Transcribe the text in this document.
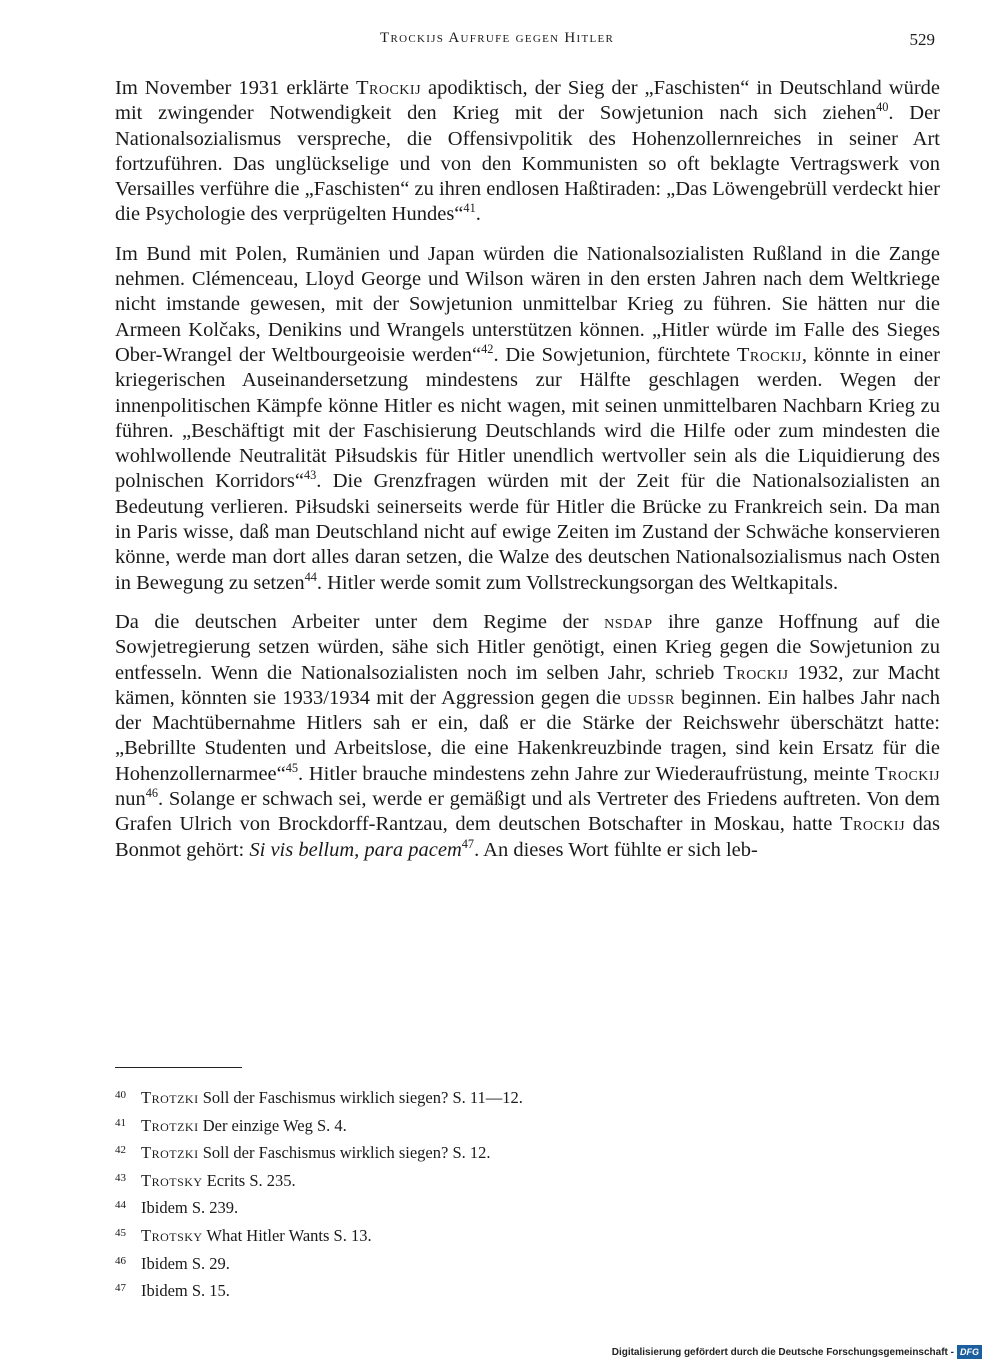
Trockijs Aufrufe gegen Hitler	529

Im November 1931 erklärte Trockij apodiktisch, der Sieg der „Faschisten“ in Deutschland würde mit zwingender Notwendigkeit den Krieg mit der Sowjetunion nach sich ziehen$^{40}$. Der Nationalsozialismus verspreche, die Offensivpolitik des Hohenzollernreiches in seiner Art fortzuführen. Das unglückselige und von den Kommunisten so oft beklagte Vertragswerk von Versailles verführe die „Faschisten“ zu ihren endlosen Haßtiraden: „Das Löwengebrüll verdeckt hier die Psychologie des verprügelten Hundes“$^{41}$.

Im Bund mit Polen, Rumänien und Japan würden die Nationalsozialisten Rußland in die Zange nehmen. Clémenceau, Lloyd George und Wilson wären in den ersten Jahren nach dem Weltkriege nicht imstande gewesen, mit der Sowjetunion unmittelbar Krieg zu führen. Sie hätten nur die Armeen Kolčaks, Denikins und Wrangels unterstützen können. „Hitler würde im Falle des Sieges Ober-Wrangel der Weltbourgeoisie werden“$^{42}$. Die Sowjetunion, fürchtete Trockij, könnte in einer kriegerischen Auseinandersetzung mindestens zur Hälfte geschlagen werden. Wegen der innenpolitischen Kämpfe könne Hitler es nicht wagen, mit seinen unmittelbaren Nachbarn Krieg zu führen. „Beschäftigt mit der Faschisierung Deutschlands wird die Hilfe oder zum mindesten die wohlwollende Neutralität Piłsudskis für Hitler unendlich wertvoller sein als die Liquidierung des polnischen Korridors“$^{43}$. Die Grenzfragen würden mit der Zeit für die Nationalsozialisten an Bedeutung verlieren. Piłsudski seinerseits werde für Hitler die Brücke zu Frankreich sein. Da man in Paris wisse, daß man Deutschland nicht auf ewige Zeiten im Zustand der Schwäche konservieren könne, werde man dort alles daran setzen, die Walze des deutschen Nationalsozialismus nach Osten in Bewegung zu setzen$^{44}$. Hitler werde somit zum Vollstreckungsorgan des Weltkapitals.

Da die deutschen Arbeiter unter dem Regime der nsdap ihre ganze Hoffnung auf die Sowjetregierung setzen würden, sähe sich Hitler genötigt, einen Krieg gegen die Sowjetunion zu entfesseln. Wenn die Nationalsozialisten noch im selben Jahr, schrieb Trockij 1932, zur Macht kämen, könnten sie 1933/1934 mit der Aggression gegen die udssr beginnen. Ein halbes Jahr nach der Machtübernahme Hitlers sah er ein, daß er die Stärke der Reichswehr überschätzt hatte: „Bebrillte Studenten und Arbeitslose, die eine Hakenkreuzbinde tragen, sind kein Ersatz für die Hohenzollernarmee“$^{45}$. Hitler brauche mindestens zehn Jahre zur Wiederaufrüstung, meinte Trockij nun$^{46}$. Solange er schwach sei, werde er gemäßigt und als Vertreter des Friedens auftreten. Von dem Grafen Ulrich von Brockdorff-Rantzau, dem deutschen Botschafter in Moskau, hatte Trockij das Bonmot gehört: Si vis bellum, para pacem$^{47}$. An dieses Wort fühlte er sich leb-

40 Trotzki Soll der Faschismus wirklich siegen? S. 11—12.
41 Trotzki Der einzige Weg S. 4.
42 Trotzki Soll der Faschismus wirklich siegen? S. 12.
43 Trotsky Ecrits S. 235.
44 Ibidem S. 239.
45 Trotsky What Hitler Wants S. 13.
46 Ibidem S. 29.
47 Ibidem S. 15.
Digitalisierung gefördert durch die Deutsche Forschungsgemeinschaft - DFG
